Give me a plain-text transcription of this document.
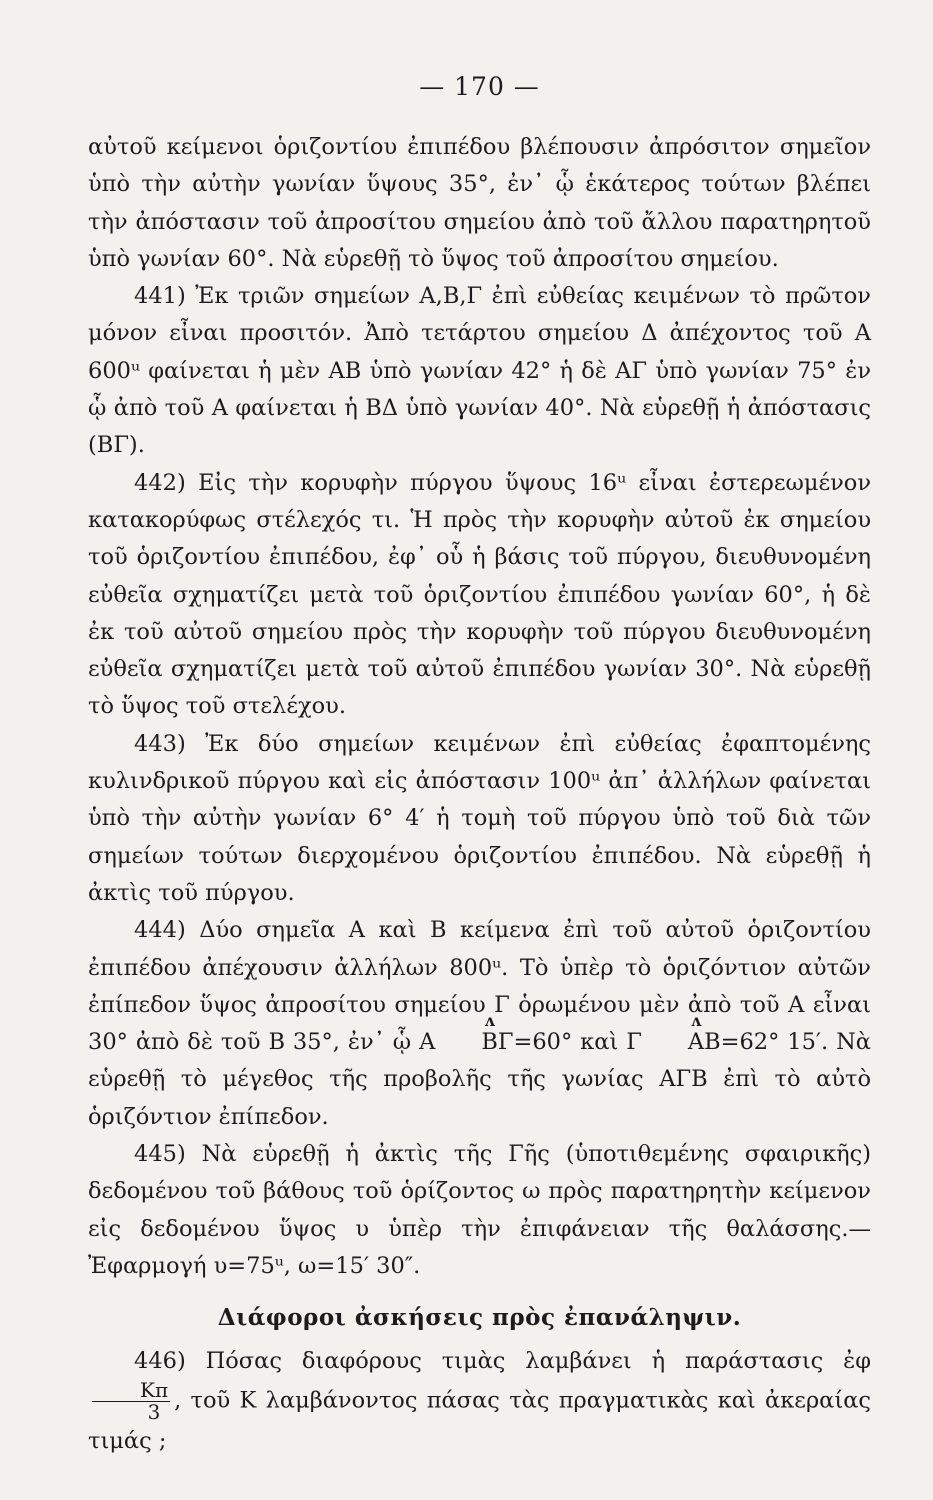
— 170 —

αὐτοῦ κείμενοι ὁριζοντίου ἐπιπέδου βλέπουσιν ἀπρόσιτον σημεῖον ὑπὸ τὴν αὐτὴν γωνίαν ὕψους 35°, ἐν᾽ ᾧ ἑκάτερος τούτων βλέπει τὴν ἀπόστασιν τοῦ ἀπροσίτου σημείου ἀπὸ τοῦ ἄλλου παρατηρητοῦ ὑπὸ γωνίαν 60°. Νὰ εὑρεθῇ τὸ ὕψος τοῦ ἀπροσίτου σημείου.

441) Ἐκ τριῶν σημείων Α,Β,Γ ἐπὶ εὐθείας κειμένων τὸ πρῶτον μόνον εἶναι προσιτόν. Ἀπὸ τετάρτου σημείου Δ ἀπέχοντος τοῦ Α 600ᵘ φαίνεται ἡ μὲν ΑΒ ὑπὸ γωνίαν 42° ἡ δὲ ΑΓ ὑπὸ γωνίαν 75° ἐν ᾧ ἀπὸ τοῦ Α φαίνεται ἡ ΒΔ ὑπὸ γωνίαν 40°. Νὰ εὑρεθῇ ἡ ἀπόστασις (ΒΓ).

442) Εἰς τὴν κορυφὴν πύργου ὕψους 16ᵘ εἶναι ἐστερεωμένον κατακορύφως στέλεχός τι. Ἡ πρὸς τὴν κορυφὴν αὐτοῦ ἐκ σημείου τοῦ ὁριζοντίου ἐπιπέδου, ἐφ᾽ οὗ ἡ βάσις τοῦ πύργου, διευθυνομένη εὐθεῖα σχηματίζει μετὰ τοῦ ὁριζοντίου ἐπιπέδου γωνίαν 60°, ἡ δὲ ἐκ τοῦ αὐτοῦ σημείου πρὸς τὴν κορυφὴν τοῦ πύργου διευθυνομένη εὐθεῖα σχηματίζει μετὰ τοῦ αὐτοῦ ἐπιπέδου γωνίαν 30°. Νὰ εὑρεθῇ τὸ ὕψος τοῦ στελέχου.

443) Ἐκ δύο σημείων κειμένων ἐπὶ εὐθείας ἐφαπτομένης κυλινδρικοῦ πύργου καὶ εἰς ἀπόστασιν 100ᵘ ἀπ᾽ ἀλλήλων φαίνεται ὑπὸ τὴν αὐτὴν γωνίαν 6° 4′ ἡ τομὴ τοῦ πύργου ὑπὸ τοῦ διὰ τῶν σημείων τούτων διερχομένου ὁριζοντίου ἐπιπέδου. Νὰ εὑρεθῇ ἡ ἀκτὶς τοῦ πύργου.

444) Δύο σημεῖα Α καὶ Β κείμενα ἐπὶ τοῦ αὐτοῦ ὁριζοντίου ἐπιπέδου ἀπέχουσιν ἀλλήλων 800ᵘ. Τὸ ὑπὲρ τὸ ὁριζόντιον αὐτῶν ἐπίπεδον ὕψος ἀπροσίτου σημείου Γ ὁρωμένου μὲν ἀπὸ τοῦ Α εἶναι 30° ἀπὸ δὲ τοῦ Β 35°, ἐν᾽ ᾧ Α ʌ ΒΓ=60° καὶ Γ ʌ ΑΒ=62° 15′. Νὰ εὑρεθῇ τὸ μέγεθος τῆς προβολῆς τῆς γωνίας ΑΓΒ ἐπὶ τὸ αὐτὸ ὁριζόντιον ἐπίπεδον.

445) Νὰ εὑρεθῇ ἡ ἀκτὶς τῆς Γῆς (ὑποτιθεμένης σφαιρικῆς) δεδομένου τοῦ βάθους τοῦ ὁρίζοντος ω πρὸς παρατηρητὴν κείμενον εἰς δεδομένου ὕψος υ ὑπὲρ τὴν ἐπιφάνειαν τῆς θαλάσσης.—Ἐφαρμογή υ=75ᵘ, ω=15′ 30″.

Διάφοροι ἀσκήσεις πρὸς ἐπανάληψιν.

446) Πόσας διαφόρους τιμὰς λαμβάνει ἡ παράστασις ἐφ
$\frac{K\pi}{3}$ , τοῦ Κ λαμβάνοντος πάσας τὰς πραγματικὰς καὶ ἀκεραίας τιμάς ;
